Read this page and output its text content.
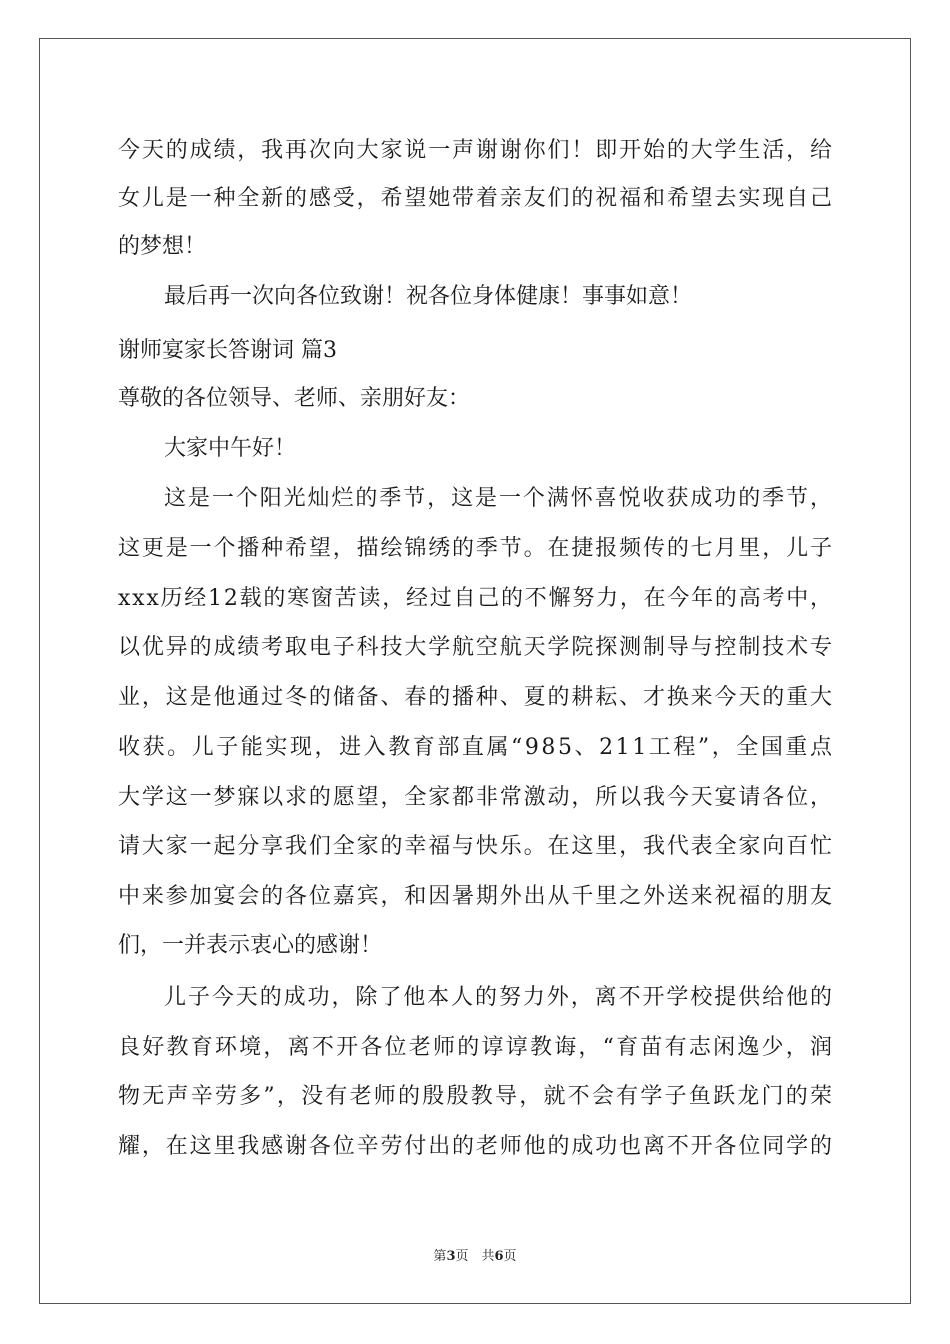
今天的成绩，我再次向大家说一声谢谢你们！即开始的大学生活，给
女儿是一种全新的感受，希望她带着亲友们的祝福和希望去实现自己
的梦想！
最后再一次向各位致谢！祝各位身体健康！事事如意！
谢师宴家长答谢词 篇3
尊敬的各位领导、老师、亲朋好友：
大家中午好！
这是一个阳光灿烂的季节，这是一个满怀喜悦收获成功的季节，
这更是一个播种希望，描绘锦绣的季节。在捷报频传的七月里，儿子
xxx历经12载的寒窗苦读，经过自己的不懈努力，在今年的高考中，
以优异的成绩考取电子科技大学航空航天学院探测制导与控制技术专
业，这是他通过冬的储备、春的播种、夏的耕耘、才换来今天的重大
收获。儿子能实现，进入教育部直属“985、211工程”，全国重点
大学这一梦寐以求的愿望，全家都非常激动，所以我今天宴请各位，
请大家一起分享我们全家的幸福与快乐。在这里，我代表全家向百忙
中来参加宴会的各位嘉宾，和因暑期外出从千里之外送来祝福的朋友
们，一并表示衷心的感谢！
儿子今天的成功，除了他本人的努力外，离不开学校提供给他的
良好教育环境，离不开各位老师的谆谆教诲，“育苗有志闲逸少，润
物无声辛劳多”，没有老师的殷殷教导，就不会有学子鱼跃龙门的荣
耀，在这里我感谢各位辛劳付出的老师他的成功也离不开各位同学的
第3页　共6页
